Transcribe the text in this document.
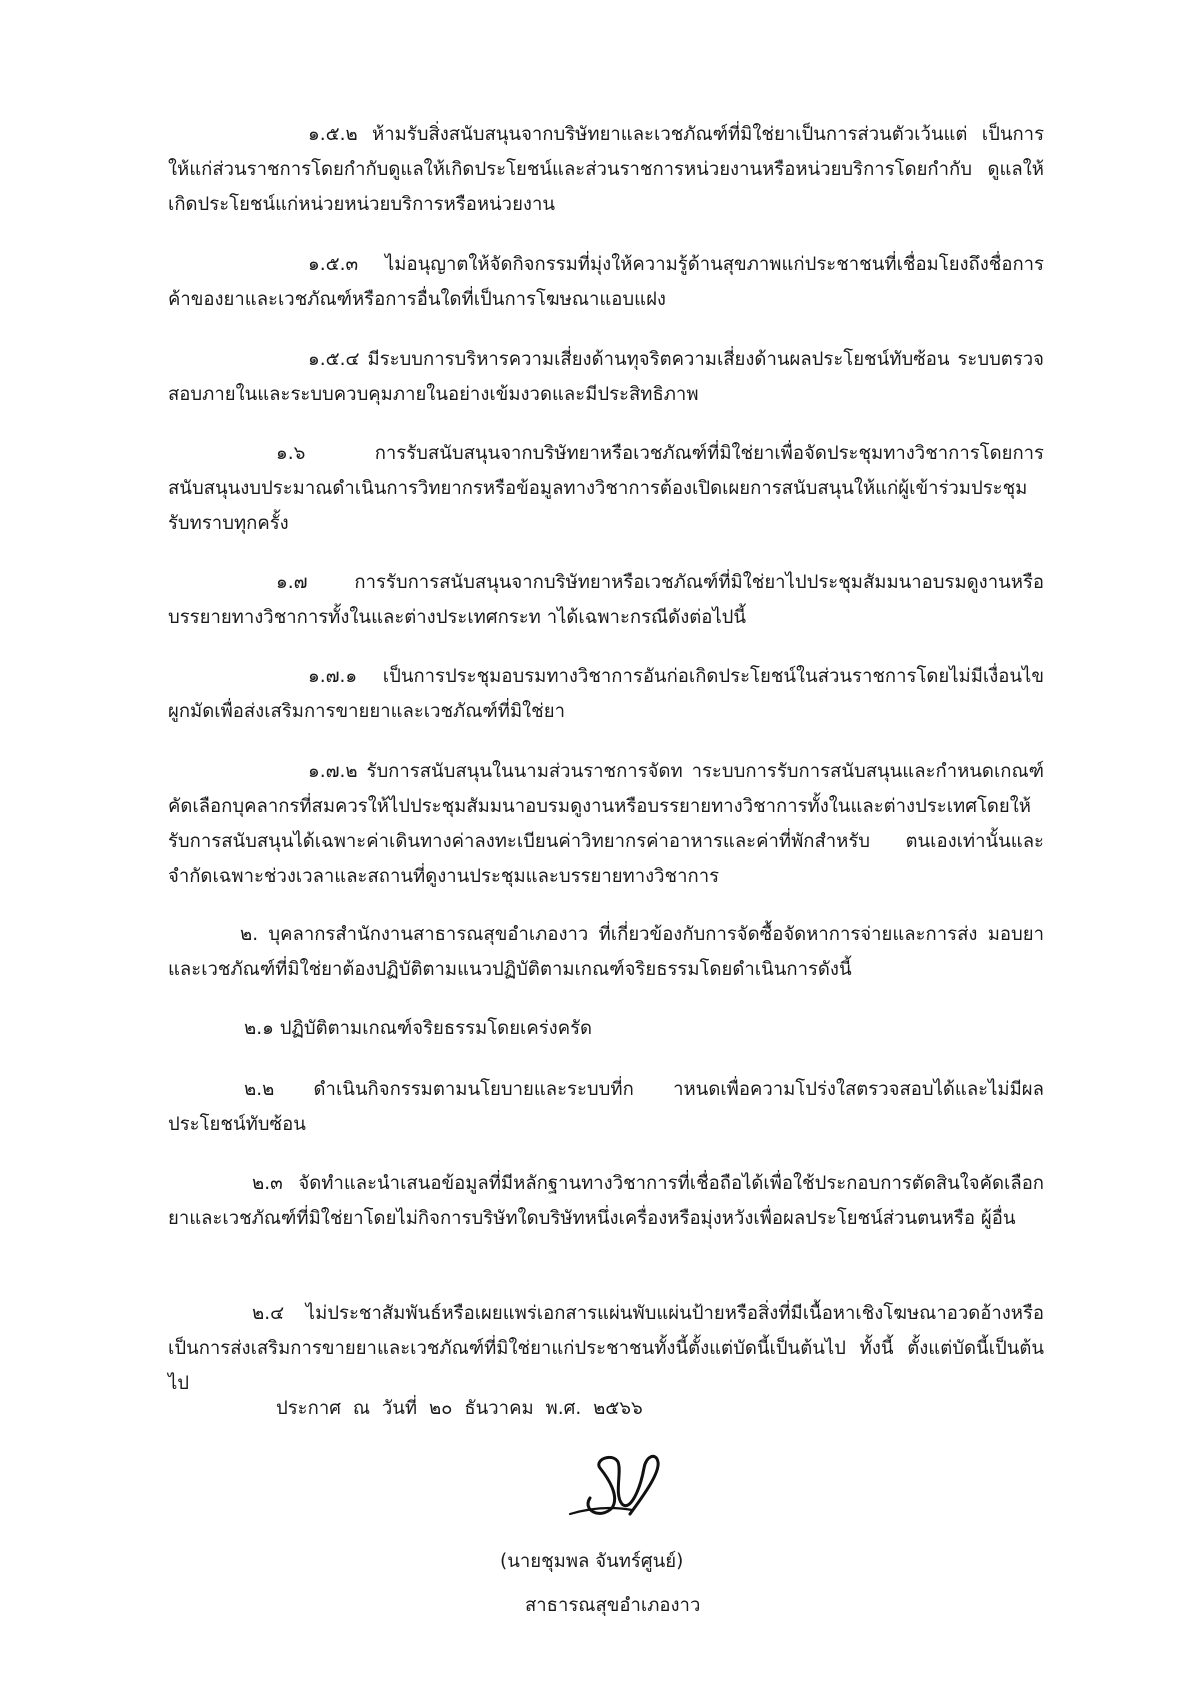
๑.๕.๒ ห้ามรับสิ่งสนับสนุนจากบริษัทยาและเวชภัณฑ์ที่มิใช่ยาเป็นการส่วนตัวเว้นแต่ เป็นการให้แก่ส่วนราชการโดยกำกับดูแลให้เกิดประโยชน์และส่วนราชการหน่วยงานหรือหน่วยบริการโดยกำกับ ดูแลให้เกิดประโยชน์แก่หน่วยหน่วยบริการหรือหน่วยงาน

๑.๕.๓ ไม่อนุญาตให้จัดกิจกรรมที่มุ่งให้ความรู้ด้านสุขภาพแก่ประชาชนที่เชื่อมโยงถึงชื่อการค้าของยาและเวชภัณฑ์หรือการอื่นใดที่เป็นการโฆษณาแอบแฝง

๑.๕.๔ มีระบบการบริหารความเสี่ยงด้านทุจริตความเสี่ยงด้านผลประโยชน์ทับซ้อน ระบบตรวจสอบภายในและระบบควบคุมภายในอย่างเข้มงวดและมีประสิทธิภาพ

๑.๖ การรับสนับสนุนจากบริษัทยาหรือเวชภัณฑ์ที่มิใช่ยาเพื่อจัดประชุมทางวิชาการโดยการสนับสนุนงบประมาณดำเนินการวิทยากรหรือข้อมูลทางวิชาการต้องเปิดเผยการสนับสนุนให้แก่ผู้เข้าร่วมประชุม รับทราบทุกครั้ง

๑.๗ การรับการสนับสนุนจากบริษัทยาหรือเวชภัณฑ์ที่มิใช่ยาไปประชุมสัมมนาอบรมดูงานหรือ บรรยายทางวิชาการทั้งในและต่างประเทศกระท าได้เฉพาะกรณีดังต่อไปนี้

๑.๗.๑ เป็นการประชุมอบรมทางวิชาการอันก่อเกิดประโยชน์ในส่วนราชการโดยไม่มีเงื่อนไขผูกมัดเพื่อส่งเสริมการขายยาและเวชภัณฑ์ที่มิใช่ยา

๑.๗.๒ รับการสนับสนุนในนามส่วนราชการจัดท าระบบการรับการสนับสนุนและกำหนดเกณฑ์คัดเลือกบุคลากรที่สมควรให้ไปประชุมสัมมนาอบรมดูงานหรือบรรยายทางวิชาการทั้งในและต่างประเทศโดยให้รับการสนับสนุนได้เฉพาะค่าเดินทางค่าลงทะเบียนค่าวิทยากรค่าอาหารและค่าที่พักสำหรับ ตนเองเท่านั้นและจำกัดเฉพาะช่วงเวลาและสถานที่ดูงานประชุมและบรรยายทางวิชาการ

๒. บุคลากรสำนักงานสาธารณสุขอำเภองาว ที่เกี่ยวข้องกับการจัดซื้อจัดหาการจ่ายและการส่ง มอบยาและเวชภัณฑ์ที่มิใช่ยาต้องปฏิบัติตามแนวปฏิบัติตามเกณฑ์จริยธรรมโดยดำเนินการดังนี้

๒.๑ ปฏิบัติตามเกณฑ์จริยธรรมโดยเคร่งครัด

๒.๒ ดำเนินกิจกรรมตามนโยบายและระบบที่ก าหนดเพื่อความโปร่งใสตรวจสอบได้และไม่มีผลประโยชน์ทับซ้อน

๒.๓ จัดทำและนำเสนอข้อมูลที่มีหลักฐานทางวิชาการที่เชื่อถือได้เพื่อใช้ประกอบการตัดสินใจคัดเลือกยาและเวชภัณฑ์ที่มิใช่ยาโดยไม่กิจการบริษัทใดบริษัทหนึ่งเครื่องหรือมุ่งหวังเพื่อผลประโยชน์ส่วนตนหรือ ผู้อื่น

๒.๔ ไม่ประชาสัมพันธ์หรือเผยแพร่เอกสารแผ่นพับแผ่นป้ายหรือสิ่งที่มีเนื้อหาเชิงโฆษณาอวดอ้างหรือเป็นการส่งเสริมการขายยาและเวชภัณฑ์ที่มิใช่ยาแก่ประชาชนทั้งนี้ตั้งแต่บัดนี้เป็นต้นไป ทั้งนี้ ตั้งแต่บัดนี้เป็นต้นไป

ประกาศ ณ วันที่ ๒๐ ธันวาคม พ.ศ. ๒๕๖๖
(นายชุมพล จันทร์ศูนย์)
สาธารณสุขอำเภองาว
